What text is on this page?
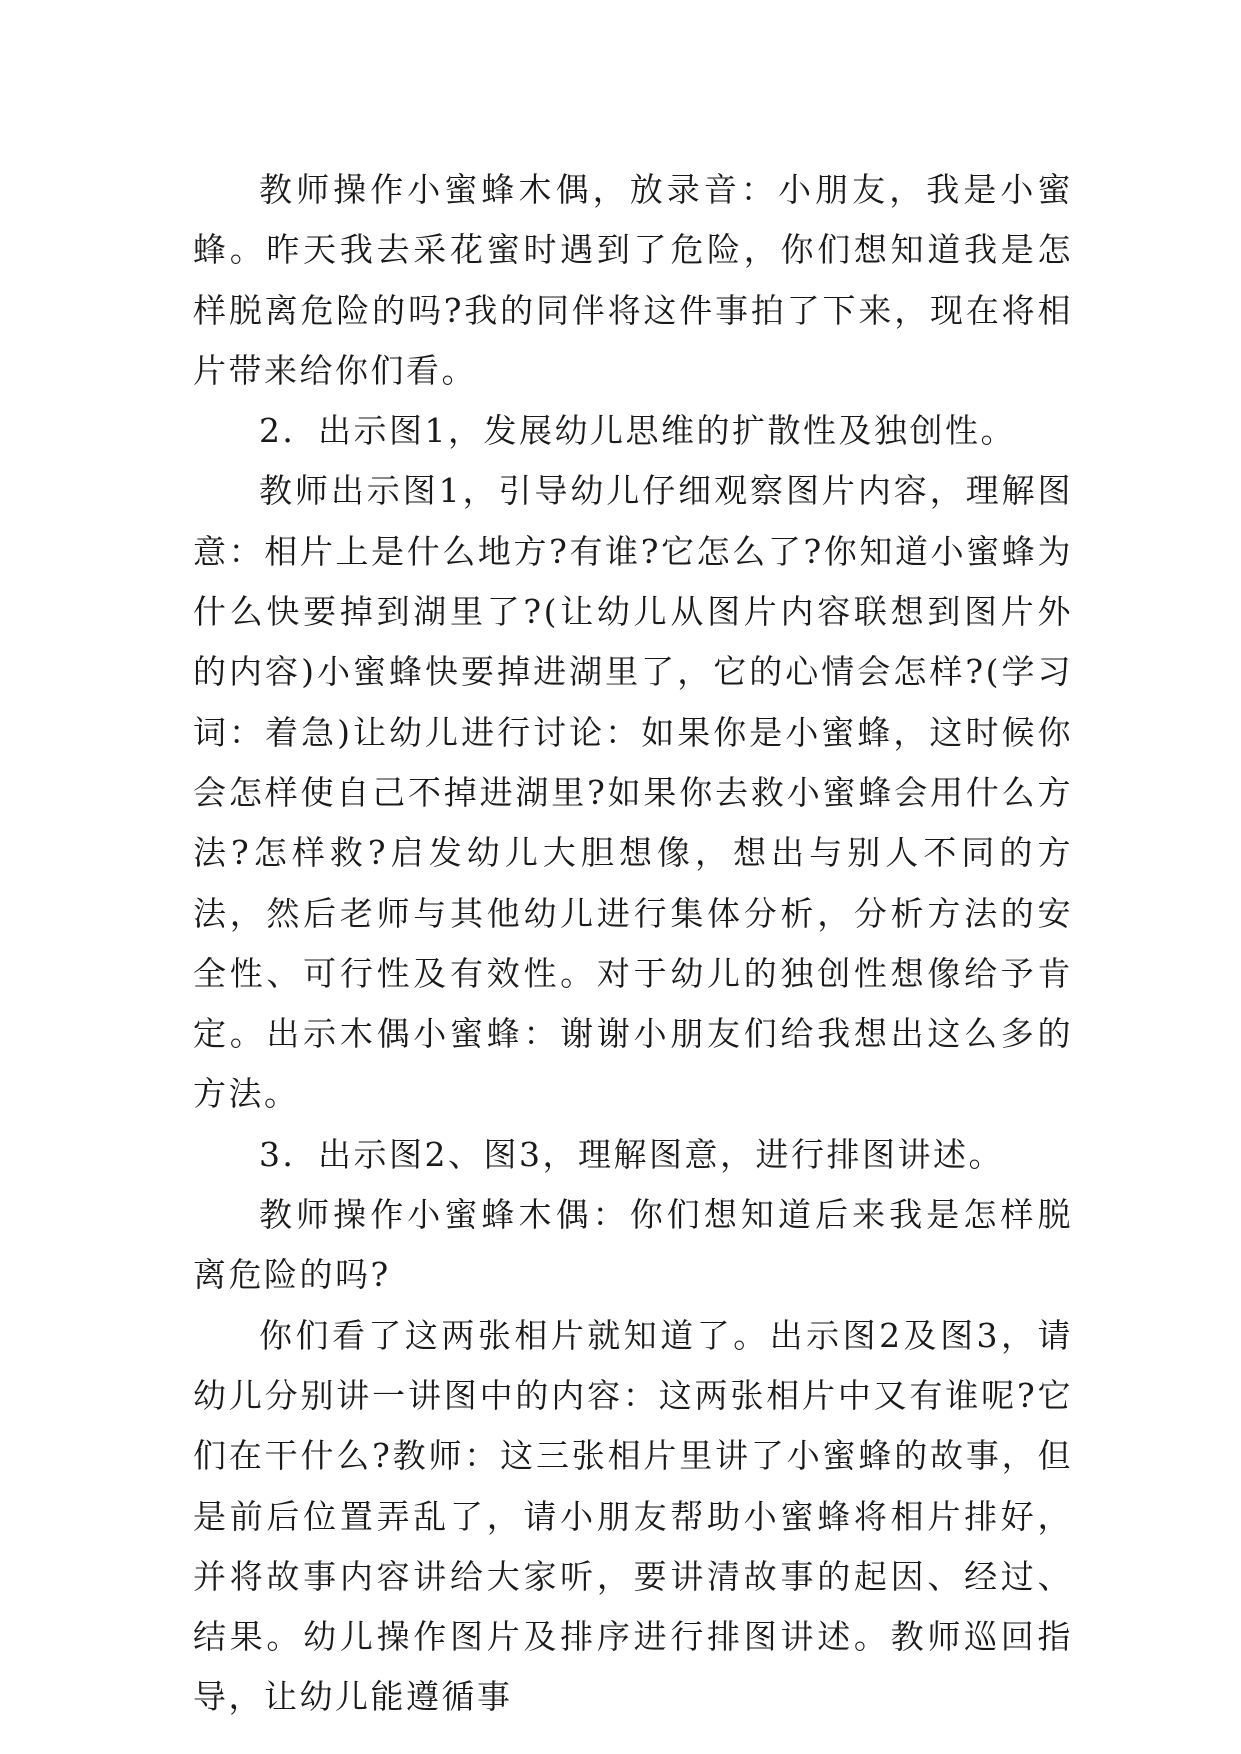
教师操作小蜜蜂木偶，放录音：小朋友，我是小蜜蜂。昨天我去采花蜜时遇到了危险，你们想知道我是怎样脱离危险的吗?我的同伴将这件事拍了下来，现在将相片带来给你们看。

2．出示图1，发展幼儿思维的扩散性及独创性。

教师出示图1，引导幼儿仔细观察图片内容，理解图意：相片上是什么地方?有谁?它怎么了?你知道小蜜蜂为什么快要掉到湖里了?(让幼儿从图片内容联想到图片外的内容)小蜜蜂快要掉进湖里了，它的心情会怎样?(学习词：着急)让幼儿进行讨论：如果你是小蜜蜂，这时候你会怎样使自己不掉进湖里?如果你去救小蜜蜂会用什么方法?怎样救?启发幼儿大胆想像，想出与别人不同的方法，然后老师与其他幼儿进行集体分析，分析方法的安全性、可行性及有效性。对于幼儿的独创性想像给予肯定。出示木偶小蜜蜂：谢谢小朋友们给我想出这么多的方法。

3．出示图2、图3，理解图意，进行排图讲述。

教师操作小蜜蜂木偶：你们想知道后来我是怎样脱离危险的吗?

你们看了这两张相片就知道了。出示图2及图3，请幼儿分别讲一讲图中的内容：这两张相片中又有谁呢?它们在干什么?教师：这三张相片里讲了小蜜蜂的故事，但是前后位置弄乱了，请小朋友帮助小蜜蜂将相片排好，并将故事内容讲给大家听，要讲清故事的起因、经过、结果。幼儿操作图片及排序进行排图讲述。教师巡回指导，让幼儿能遵循事
